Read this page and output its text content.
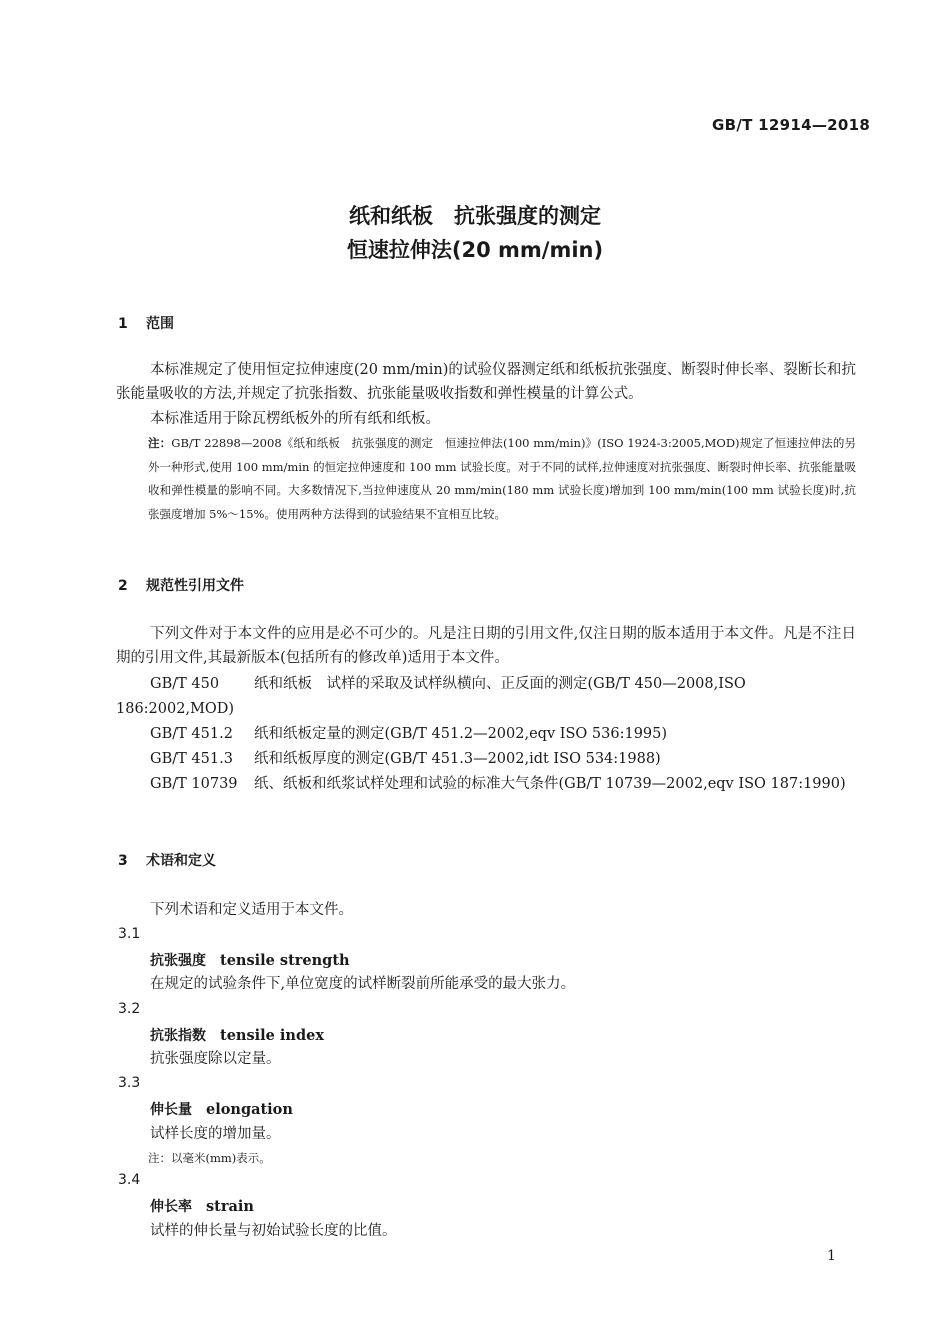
GB/T 12914—2018
纸和纸板　抗张强度的测定
恒速拉伸法(20 mm/min)
1 范围
本标准规定了使用恒定拉伸速度(20 mm/min)的试验仪器测定纸和纸板抗张强度、断裂时伸长率、裂断长和抗张能量吸收的方法,并规定了抗张指数、抗张能量吸收指数和弹性模量的计算公式。
本标准适用于除瓦楞纸板外的所有纸和纸板。
注：GB/T 22898—2008《纸和纸板　抗张强度的测定　恒速拉伸法(100 mm/min)》(ISO 1924-3:2005,MOD)规定了恒速拉伸法的另外一种形式,使用 100 mm/min 的恒定拉伸速度和 100 mm 试验长度。对于不同的试样,拉伸速度对抗张强度、断裂时伸长率、抗张能量吸收和弹性模量的影响不同。大多数情况下,当拉伸速度从 20 mm/min(180 mm 试验长度)增加到 100 mm/min(100 mm 试验长度)时,抗张强度增加 5%～15%。使用两种方法得到的试验结果不宜相互比较。
2 规范性引用文件
下列文件对于本文件的应用是必不可少的。凡是注日期的引用文件,仅注日期的版本适用于本文件。凡是不注日期的引用文件,其最新版本(包括所有的修改单)适用于本文件。
GB/T 450 纸和纸板　试样的采取及试样纵横向、正反面的测定(GB/T 450—2008,ISO 186:2002,MOD)
GB/T 451.2 纸和纸板定量的测定(GB/T 451.2—2002,eqv ISO 536:1995)
GB/T 451.3 纸和纸板厚度的测定(GB/T 451.3—2002,idt ISO 534:1988)
GB/T 10739 纸、纸板和纸浆试样处理和试验的标准大气条件(GB/T 10739—2002,eqv ISO 187:1990)
3 术语和定义
下列术语和定义适用于本文件。
3.1
抗张强度 tensile strength
在规定的试验条件下,单位宽度的试样断裂前所能承受的最大张力。
3.2
抗张指数 tensile index
抗张强度除以定量。
3.3
伸长量 elongation
试样长度的增加量。
注：以毫米(mm)表示。
3.4
伸长率 strain
试样的伸长量与初始试验长度的比值。
1
